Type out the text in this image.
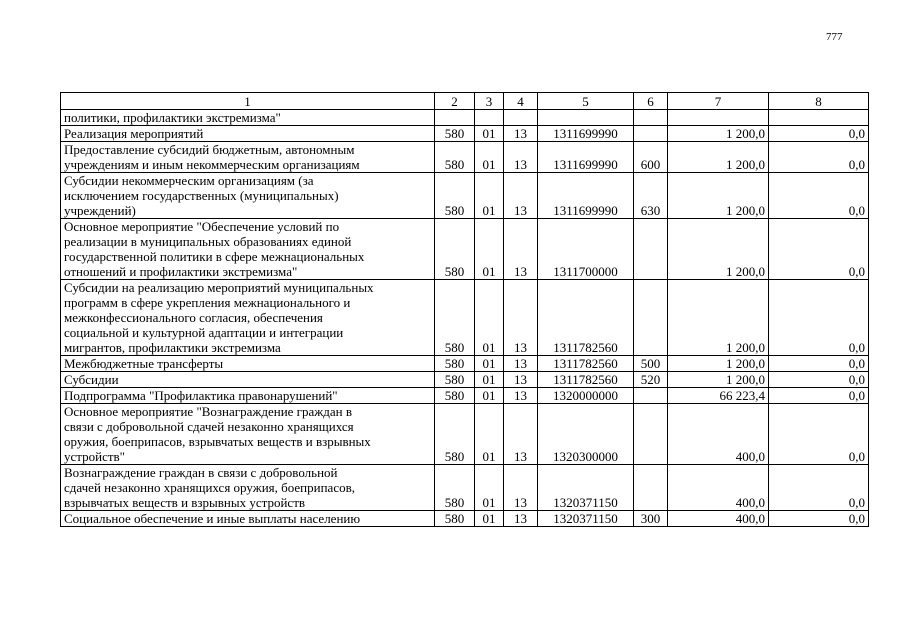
777
1	2	3	4	5	6	7	8
политики, профилактики экстремизма"							
Реализация мероприятий	580	01	13	1311699990		1 200,0	0,0
Предоставление субсидий бюджетным, автономным
учреждениям и иным некоммерческим организациям	580	01	13	1311699990	600	1 200,0	0,0
Субсидии некоммерческим организациям (за
исключением государственных (муниципальных)
учреждений)	580	01	13	1311699990	630	1 200,0	0,0
Основное мероприятие "Обеспечение условий по
реализации в муниципальных образованиях единой
государственной политики в сфере межнациональных
отношений и профилактики экстремизма"	580	01	13	1311700000		1 200,0	0,0
Субсидии на реализацию мероприятий муниципальных
программ в сфере укрепления межнационального и
межконфессионального согласия, обеспечения
социальной и культурной адаптации и интеграции
мигрантов, профилактики экстремизма	580	01	13	1311782560		1 200,0	0,0
Межбюджетные трансферты	580	01	13	1311782560	500	1 200,0	0,0
Субсидии	580	01	13	1311782560	520	1 200,0	0,0
Подпрограмма "Профилактика правонарушений"	580	01	13	1320000000		66 223,4	0,0
Основное мероприятие "Вознаграждение граждан в
связи с добровольной сдачей незаконно хранящихся
оружия, боеприпасов, взрывчатых веществ и взрывных
устройств"	580	01	13	1320300000		400,0	0,0
Вознаграждение граждан в связи с добровольной
сдачей незаконно хранящихся оружия, боеприпасов,
взрывчатых веществ и взрывных устройств	580	01	13	1320371150		400,0	0,0
Социальное обеспечение и иные выплаты населению	580	01	13	1320371150	300	400,0	0,0
